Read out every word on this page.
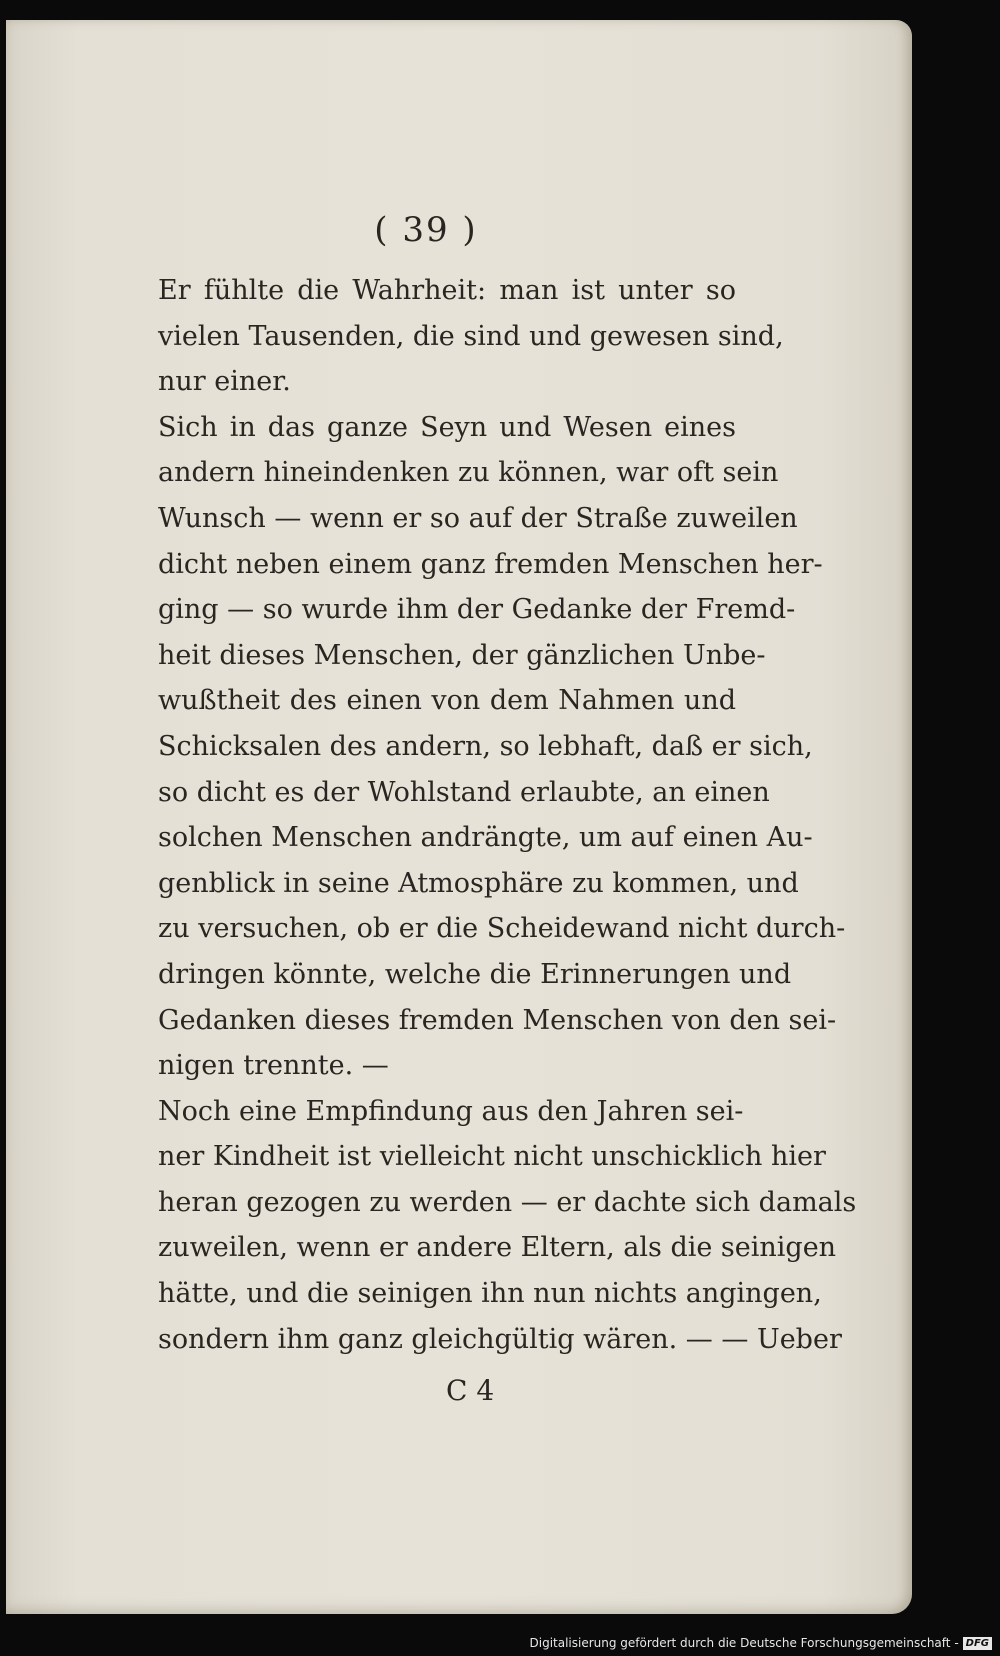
( 39 )

Er fühlte die Wahrheit: man ist unter so
vielen Tausenden, die sind und gewesen sind,
nur einer.

Sich in das ganze Seyn und Wesen eines
andern hineindenken zu können, war oft sein
Wunsch — wenn er so auf der Straße zuweilen
dicht neben einem ganz fremden Menschen her-
ging — so wurde ihm der Gedanke der Fremd-
heit dieses Menschen, der gänzlichen Unbe-
wußtheit des einen von dem Nahmen und
Schicksalen des andern, so lebhaft, daß er sich,
so dicht es der Wohlstand erlaubte, an einen
solchen Menschen andrängte, um auf einen Au-
genblick in seine Atmosphäre zu kommen, und
zu versuchen, ob er die Scheidewand nicht durch-
dringen könnte, welche die Erinnerungen und
Gedanken dieses fremden Menschen von den sei-
nigen trennte. —

Noch eine Empfindung aus den Jahren sei-
ner Kindheit ist vielleicht nicht unschicklich hier
heran gezogen zu werden — er dachte sich damals
zuweilen, wenn er andere Eltern, als die seinigen
hätte, und die seinigen ihn nun nichts angingen,
sondern ihm ganz gleichgültig wären. — — Ueber

C 4
Digitalisierung gefördert durch die Deutsche Forschungsgemeinschaft - DFG
